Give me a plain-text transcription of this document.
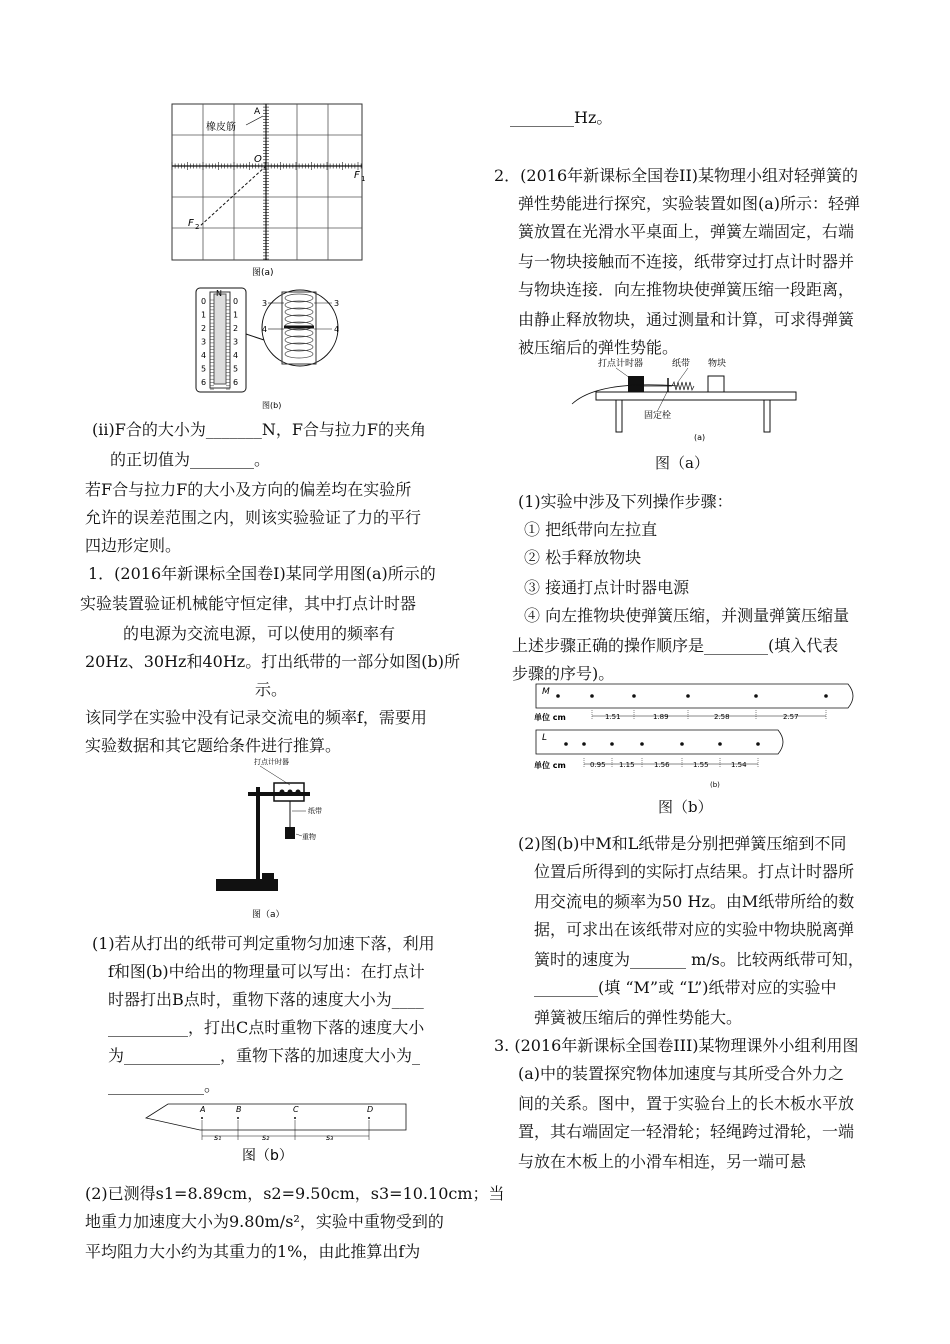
A
橡皮筋
O
F 1
F 2
图(a)
N
0
1
2
3
4
5
6
0
1
2
3
4
5
6
3	3
4	4
图(b)
(ii)F合的大小为_______N，F合与拉力F的夹角
的正切值为________。
若F合与拉力F的大小及方向的偏差均在实验所
允许的误差范围之内，则该实验验证了力的平行
四边形定则。
1．(2016年新课标全国卷I)某同学用图(a)所示的
实验装置验证机械能守恒定律，其中打点计时器
的电源为交流电源，可以使用的频率有
20Hz、30Hz和40Hz。打出纸带的一部分如图(b)所
示。
该同学在实验中没有记录交流电的频率f，需要用
实验数据和其它题给条件进行推算。
打点计时器
纸带
重物
图（a）
(1)若从打出的纸带可判定重物匀加速下落，利用
f和图(b)中给出的物理量可以写出：在打点计
时器打出B点时，重物下落的速度大小为____
__________，打出C点时重物下落的速度大小
为____________，重物下落的加速度大小为_
____________。
A	B	C	D
s₁	s₂	s₃
图（b）
(2)已测得s1=8.89cm，s2=9.50cm，s3=10.10cm；当
地重力加速度大小为9.80m/s²，实验中重物受到的
平均阻力大小约为其重力的1%，由此推算出f为
________Hz。
2．(2016年新课标全国卷II)某物理小组对轻弹簧的
弹性势能进行探究，实验装置如图(a)所示：轻弹
簧放置在光滑水平桌面上，弹簧左端固定，右端
与一物块接触而不连接，纸带穿过打点计时器并
与物块连接．向左推物块使弹簧压缩一段距离，
由静止释放物块，通过测量和计算，可求得弹簧
被压缩后的弹性势能。
打点计时器	纸带 物块
固定栓
(a)
图（a）
(1)实验中涉及下列操作步骤：
① 把纸带向左拉直
② 松手释放物块
③ 接通打点计时器电源
④ 向左推物块使弹簧压缩，并测量弹簧压缩量
上述步骤正确的操作顺序是________(填入代表
步骤的序号)。
M
单位 cm	1.51	1.89	2.58	2.57
L
单位 cm	0.95 1.15	1.56	1.55	1.54
(b)
图（b）
(2)图(b)中M和L纸带是分别把弹簧压缩到不同
位置后所得到的实际打点结果。打点计时器所
用交流电的频率为50 Hz。由M纸带所给的数
据，可求出在该纸带对应的实验中物块脱离弹
簧时的速度为_______ m/s。比较两纸带可知，
________(填 “M”或 “L”)纸带对应的实验中
弹簧被压缩后的弹性势能大。
3. (2016年新课标全国卷III)某物理课外小组利用图
(a)中的装置探究物体加速度与其所受合外力之
间的关系。图中，置于实验台上的长木板水平放
置，其右端固定一轻滑轮；轻绳跨过滑轮，一端
与放在木板上的小滑车相连，另一端可悬
